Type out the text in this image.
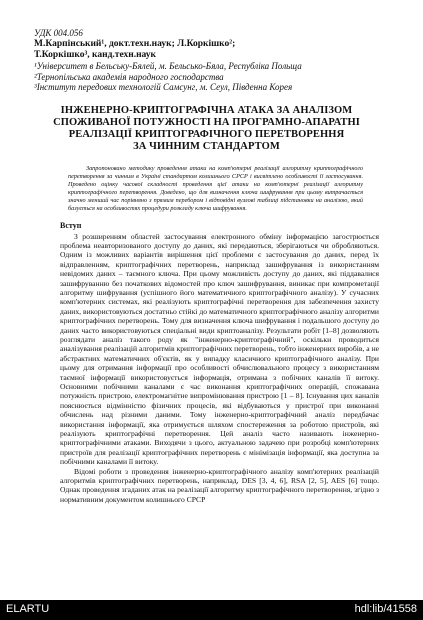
УДК 004.056

М.Карпінський¹, докт.техн.наук; Л.Коркішко²;

Т.Коркішко³, канд.техн.наук

¹Університет в Бельську-Бялей, м. Бельсько-Бяла, Республіка Польща

²Тернопільська академія народного господарства

³Інститут передових технологій Самсунг, м. Сеул, Південна Корея

ІНЖЕНЕРНО-КРИПТОГРАФІЧНА АТАКА ЗА АНАЛІЗОМ
СПОЖИВАНОЇ ПОТУЖНОСТІ НА ПРОГРАМНО-АПАРАТНІ
РЕАЛІЗАЦІЇ КРИПТОГРАФІЧНОГО ПЕРЕТВОРЕННЯ
ЗА ЧИННИМ СТАНДАРТОМ

Запропоновано методику проведення атаки на комп'ютерні реалізації алгоритму криптографічного перетворення за чинним в Україні стандартом колишнього СРСР і висвітлено особливості її застосування. Проведено оцінку часової складності проведення цієї атаки на комп'ютерні реалізації алгоритму криптографічного перетворення. Доведено, що для визначення ключа шифрування при цьому витрачається значно менший час порівняно з прямим перебором і відповідні вузлові таблиці підстановки на аналізою, який базується на особливостях процедури розкладу ключа шифрування.

Вступ

З розширенням областей застосування електронного обміну інформацією загострюється проблема неавторизованого доступу до даних, які передаються, зберігаються чи обробляються. Одним із можливих варіантів вирішення цієї проблеми є застосування до даних, перед їх відправленням, криптографічних перетворень, наприклад зашифрування із використанням невідомих даних – таємного ключа. При цьому можливість доступу до даних, які піддавалися зашифруванню без початкових відомостей про ключ зашифрування, виникає при компрометації алгоритму шифрування (успішного його математичного криптографічного аналізу). У сучасних комп'ютерних системах, які реалізують криптографічні перетворення для забезпечення захисту даних, використовуються достатньо стійкі до математичного криптографічного аналізу алгоритми криптографічних перетворень. Тому для визначення ключа шифрування і подальшого доступу до даних часто використовуються спеціальні види криптоаналізу. Результати робіт [1–8] дозволяють розглядати аналіз такого роду як "інженерно-криптографічний", оскільки проводиться аналізування реалізацій алгоритмів криптографічних перетворень, тобто інженерних виробів, а не абстрактних математичних об'єктів, як у випадку класичного криптографічного аналізу. При цьому для отримання інформації про особливості обчислювального процесу з використанням таємної інформації використовується інформація, отримана з побічних каналів її витоку. Основними побічними каналами є час виконання криптографічних операцій, спожавана потужність пристрою, електромагнітне випромінювання пристрою [1 – 8]. Існування цих каналів пояснюється відмінністю фізичних процесів, які відбуваються у пристрої при виконанні обчислень над різними даними. Тому інженерно-криптографічний аналіз передбачає використання інформації, яка отримується шляхом спостереження за роботою пристроїв, які реалізують криптографічні перетворення. Цей аналіз часто називають інженерно-криптографічними атаками. Виходячи з цього, актуальною задачею при розробці комп'ютерних пристроїв для реалізації криптографічних перетворень є мінімізація інформації, яка доступна за побічними каналами її витоку.

Відомі роботи з проведення інженерно-криптографічного аналізу комп'ютерних реалізацій алгоритмів криптографічних перетворень, наприклад, DES [3, 4, 6], RSA [2, 5], AES [6] тощо. Однак проведення згаданих атак на реалізації алгоритму криптографічного перетворення, згідно з нормативним документом колишнього СРСР

ELARTU	hdl:lib/41558
